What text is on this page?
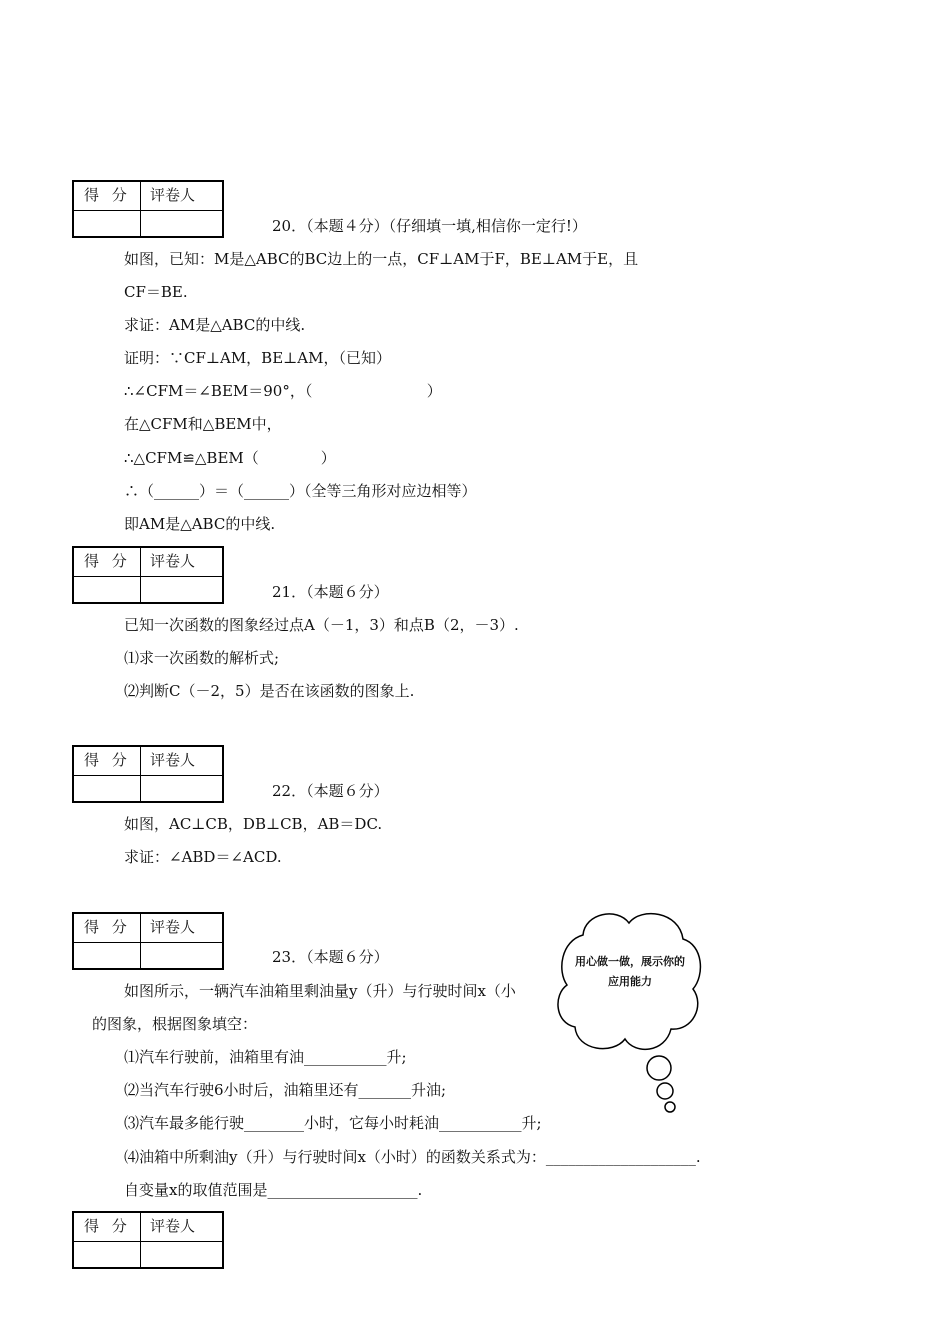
得 分 评卷人
得 分 评卷人
得 分 评卷人
得 分 评卷人
得 分 评卷人
20．（本题４分）（仔细填一填,相信你一定行!）
如图，已知：M是△ABC的BC边上的一点，CF⊥AM于F，BE⊥AM于E，且
CF＝BE.
求证：AM是△ABC的中线.
证明：∵CF⊥AM，BE⊥AM，（已知）
∴∠CFM＝∠BEM＝90°，（                        ）
在△CFM和△BEM中，
∴△CFM≌△BEM（             ）
∴（______）＝（______）（全等三角形对应边相等）
即AM是△ABC的中线.
21．（本题６分）
已知一次函数的图象经过点A（－1，3）和点B（2，－3）.
⑴求一次函数的解析式;
⑵判断C（－2，5）是否在该函数的图象上.
22．（本题６分）
如图，AC⊥CB，DB⊥CB，AB＝DC.
求证：∠ABD＝∠ACD.
23．（本题６分）
如图所示，一辆汽车油箱里剩油量y（升）与行驶时间x（小
的图象，根据图象填空：
⑴汽车行驶前，油箱里有油___________升;
⑵当汽车行驶6小时后，油箱里还有_______升油;
⑶汽车最多能行驶________小时，它每小时耗油___________升;
⑷油箱中所剩油y（升）与行驶时间x（小时）的函数关系式为：____________________.
自变量x的取值范围是____________________.
用心做一做，展示你的应用能力
